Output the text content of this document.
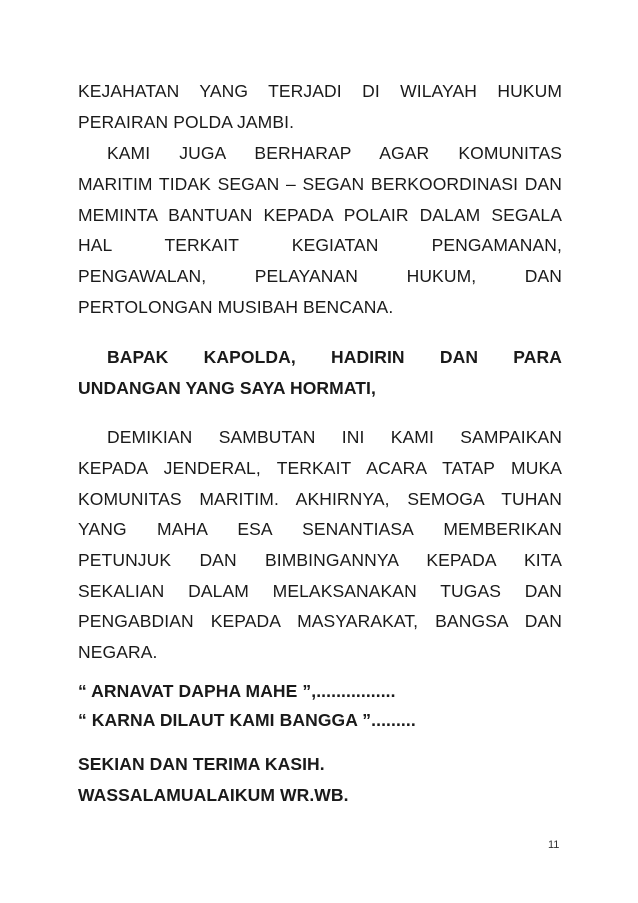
KEJAHATAN YANG TERJADI DI WILAYAH HUKUM
PERAIRAN POLDA JAMBI.
KAMI JUGA BERHARAP AGAR KOMUNITAS
MARITIM TIDAK SEGAN – SEGAN BERKOORDINASI DAN
MEMINTA BANTUAN KEPADA POLAIR DALAM SEGALA
HAL TERKAIT KEGIATAN PENGAMANAN,
PENGAWALAN, PELAYANAN HUKUM, DAN
PERTOLONGAN MUSIBAH BENCANA.
BAPAK KAPOLDA, HADIRIN DAN PARA
UNDANGAN YANG SAYA HORMATI,
DEMIKIAN SAMBUTAN INI KAMI SAMPAIKAN
KEPADA JENDERAL, TERKAIT ACARA TATAP MUKA
KOMUNITAS MARITIM. AKHIRNYA, SEMOGA TUHAN
YANG MAHA ESA SENANTIASA MEMBERIKAN
PETUNJUK DAN BIMBINGANNYA KEPADA KITA
SEKALIAN DALAM MELAKSANAKAN TUGAS DAN
PENGABDIAN KEPADA MASYARAKAT, BANGSA DAN
NEGARA.
“ ARNAVAT DAPHA MAHE ”,................
“ KARNA DILAUT KAMI BANGGA ”.........
SEKIAN DAN TERIMA KASIH.
WASSALAMUALAIKUM WR.WB.
11
